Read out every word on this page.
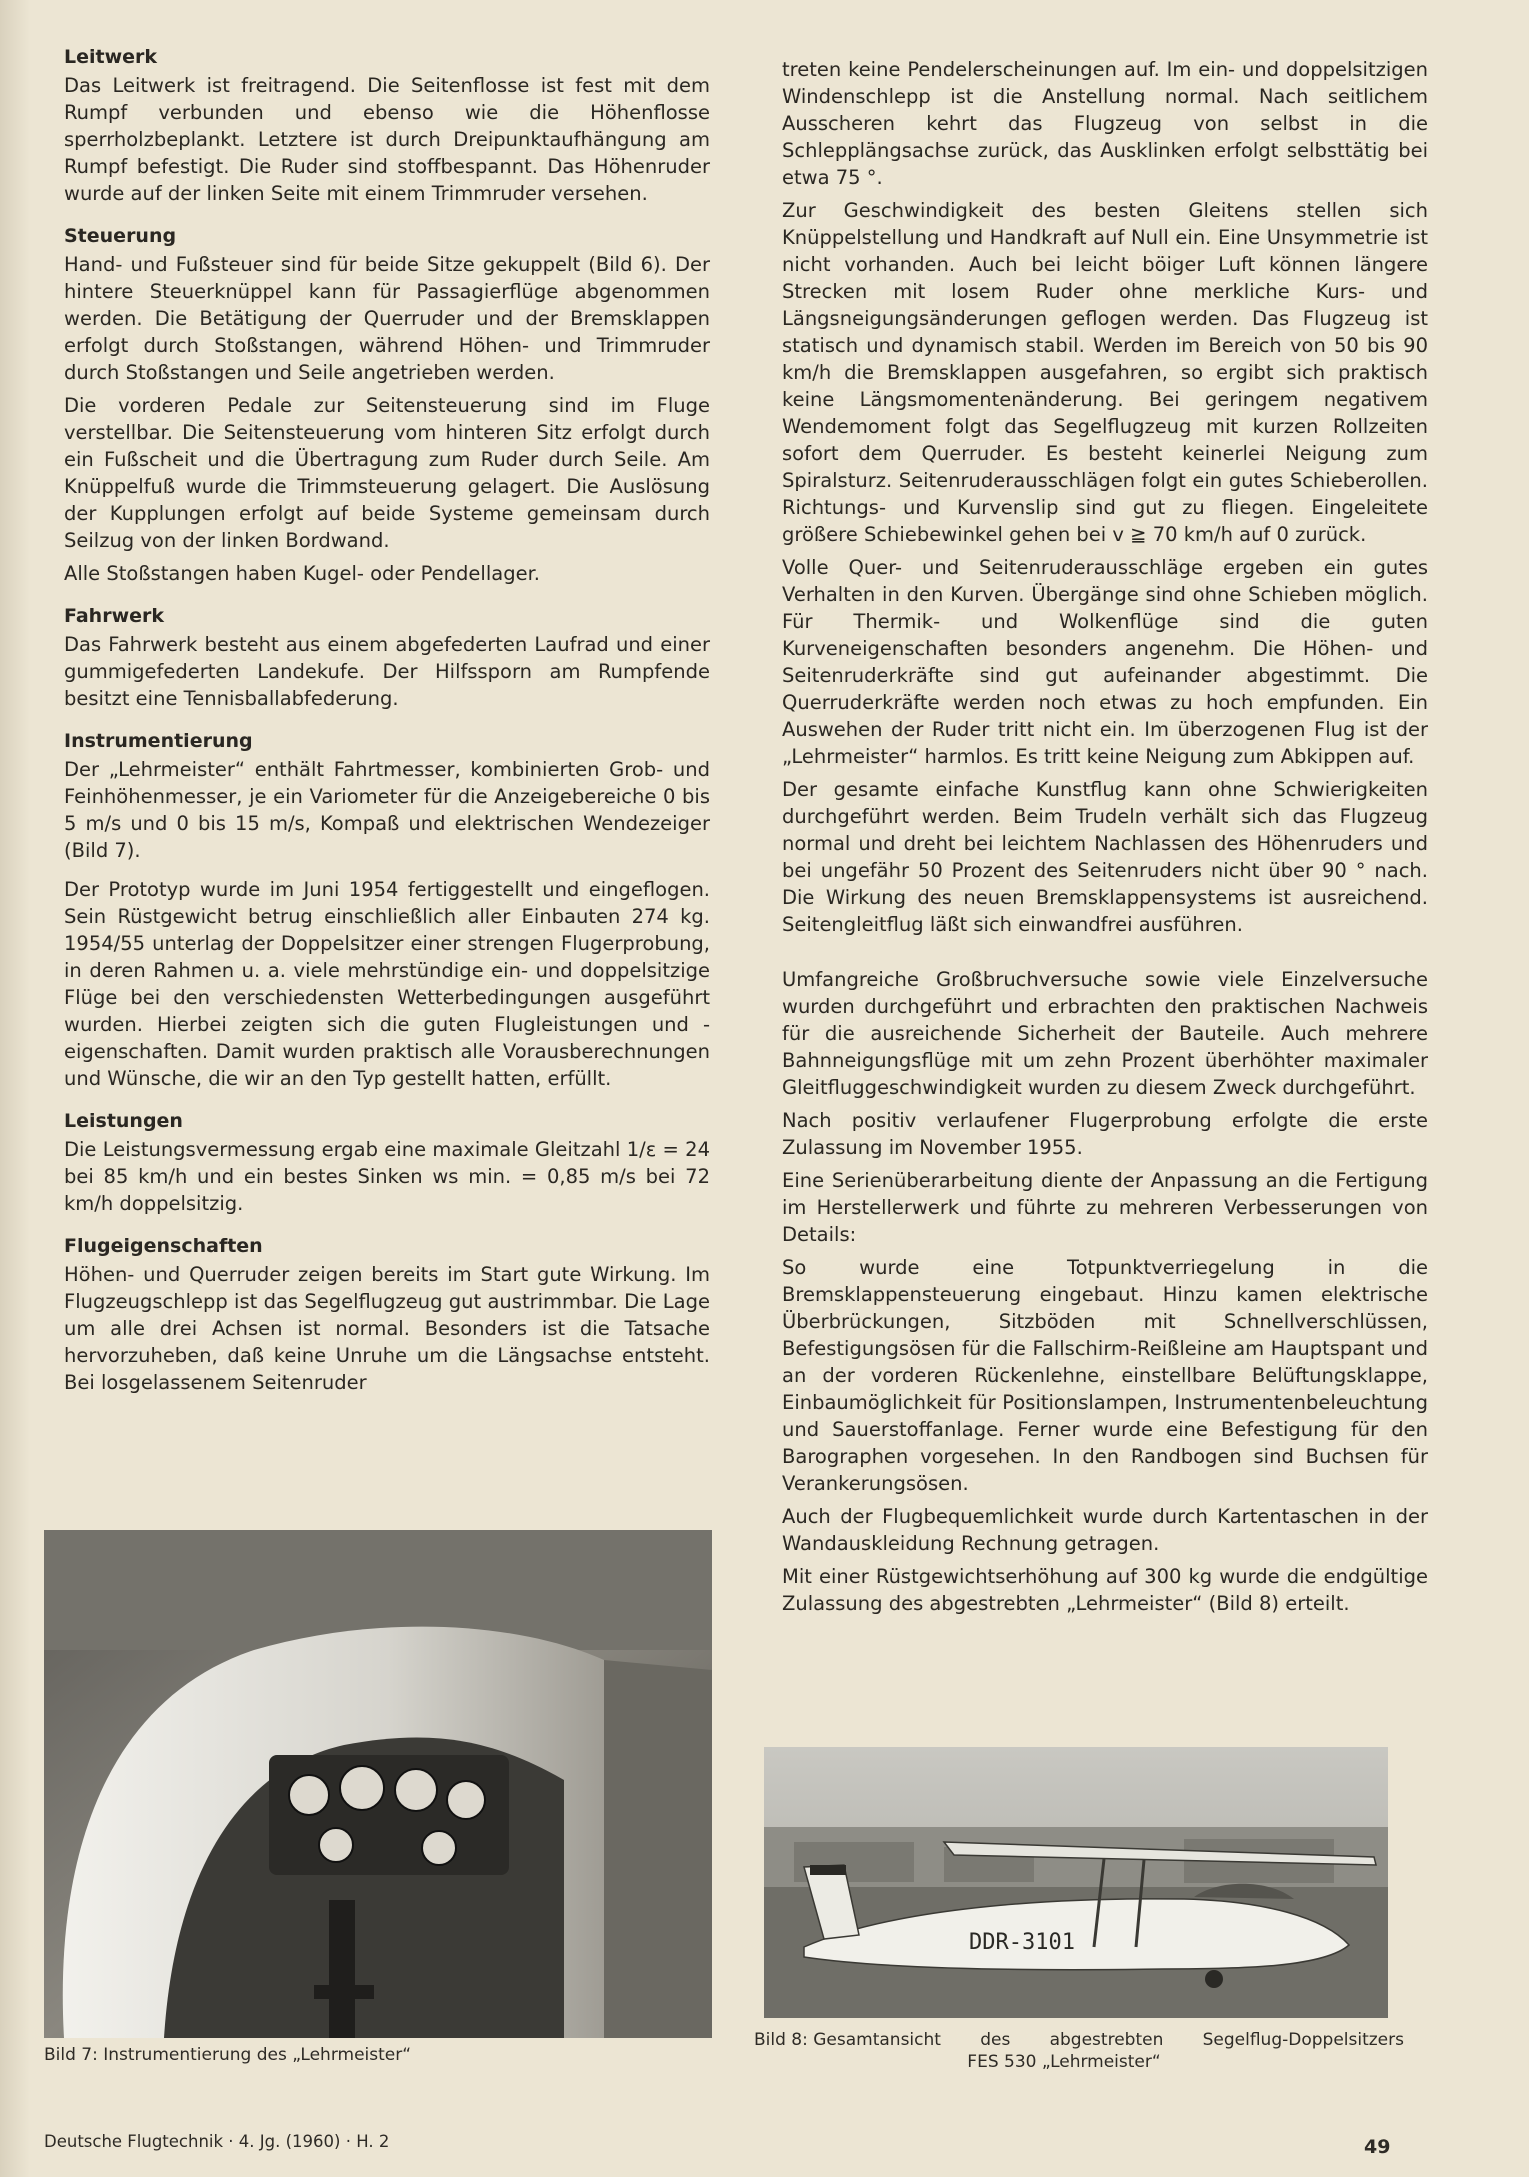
Leitwerk

Das Leitwerk ist freitragend. Die Seitenflosse ist fest mit dem Rumpf verbunden und ebenso wie die Höhenflosse sperrholzbeplankt. Letztere ist durch Dreipunktaufhängung am Rumpf befestigt. Die Ruder sind stoffbespannt. Das Höhenruder wurde auf der linken Seite mit einem Trimmruder versehen.

Steuerung

Hand- und Fußsteuer sind für beide Sitze gekuppelt (Bild 6). Der hintere Steuerknüppel kann für Passagierflüge abgenommen werden. Die Betätigung der Querruder und der Bremsklappen erfolgt durch Stoßstangen, während Höhen- und Trimmruder durch Stoßstangen und Seile angetrieben werden.

Die vorderen Pedale zur Seitensteuerung sind im Fluge verstellbar. Die Seitensteuerung vom hinteren Sitz erfolgt durch ein Fußscheit und die Übertragung zum Ruder durch Seile. Am Knüppelfuß wurde die Trimmsteuerung gelagert. Die Auslösung der Kupplungen erfolgt auf beide Systeme gemeinsam durch Seilzug von der linken Bordwand.

Alle Stoßstangen haben Kugel- oder Pendellager.

Fahrwerk

Das Fahrwerk besteht aus einem abgefederten Laufrad und einer gummigefederten Landekufe. Der Hilfssporn am Rumpfende besitzt eine Tennisballabfederung.

Instrumentierung

Der „Lehrmeister“ enthält Fahrtmesser, kombinierten Grob- und Feinhöhenmesser, je ein Variometer für die Anzeigebereiche 0 bis 5 m/s und 0 bis 15 m/s, Kompaß und elektrischen Wendezeiger (Bild 7).

Der Prototyp wurde im Juni 1954 fertiggestellt und eingeflogen. Sein Rüstgewicht betrug einschließlich aller Einbauten 274 kg. 1954/55 unterlag der Doppelsitzer einer strengen Flugerprobung, in deren Rahmen u. a. viele mehrstündige ein- und doppelsitzige Flüge bei den verschiedensten Wetterbedingungen ausgeführt wurden. Hierbei zeigten sich die guten Flugleistungen und -eigenschaften. Damit wurden praktisch alle Vorausberechnungen und Wünsche, die wir an den Typ gestellt hatten, erfüllt.

Leistungen

Die Leistungsvermessung ergab eine maximale Gleitzahl 1/ε = 24 bei 85 km/h und ein bestes Sinken ws min. = 0,85 m/s bei 72 km/h doppelsitzig.

Flugeigenschaften

Höhen- und Querruder zeigen bereits im Start gute Wirkung. Im Flugzeugschlepp ist das Segelflugzeug gut austrimmbar. Die Lage um alle drei Achsen ist normal. Besonders ist die Tatsache hervorzuheben, daß keine Unruhe um die Längsachse entsteht. Bei losgelassenem Seitenruder

treten keine Pendelerscheinungen auf. Im ein- und doppelsitzigen Windenschlepp ist die Anstellung normal. Nach seitlichem Ausscheren kehrt das Flugzeug von selbst in die Schlepplängsachse zurück, das Ausklinken erfolgt selbsttätig bei etwa 75 °.

Zur Geschwindigkeit des besten Gleitens stellen sich Knüppelstellung und Handkraft auf Null ein. Eine Unsymmetrie ist nicht vorhanden. Auch bei leicht böiger Luft können längere Strecken mit losem Ruder ohne merkliche Kurs- und Längsneigungsänderungen geflogen werden. Das Flugzeug ist statisch und dynamisch stabil. Werden im Bereich von 50 bis 90 km/h die Bremsklappen ausgefahren, so ergibt sich praktisch keine Längsmomentenänderung. Bei geringem negativem Wendemoment folgt das Segelflugzeug mit kurzen Rollzeiten sofort dem Querruder. Es besteht keinerlei Neigung zum Spiralsturz. Seitenruderausschlägen folgt ein gutes Schieberollen. Richtungs- und Kurvenslip sind gut zu fliegen. Eingeleitete größere Schiebewinkel gehen bei v ≧ 70 km/h auf 0 zurück.

Volle Quer- und Seitenruderausschläge ergeben ein gutes Verhalten in den Kurven. Übergänge sind ohne Schieben möglich. Für Thermik- und Wolkenflüge sind die guten Kurveneigenschaften besonders angenehm. Die Höhen- und Seitenruderkräfte sind gut aufeinander abgestimmt. Die Querruderkräfte werden noch etwas zu hoch empfunden. Ein Auswehen der Ruder tritt nicht ein. Im überzogenen Flug ist der „Lehrmeister“ harmlos. Es tritt keine Neigung zum Abkippen auf.

Der gesamte einfache Kunstflug kann ohne Schwierigkeiten durchgeführt werden. Beim Trudeln verhält sich das Flugzeug normal und dreht bei leichtem Nachlassen des Höhenruders und bei ungefähr 50 Prozent des Seitenruders nicht über 90 ° nach. Die Wirkung des neuen Bremsklappensystems ist ausreichend. Seitengleitflug läßt sich einwandfrei ausführen.

Umfangreiche Großbruchversuche sowie viele Einzelversuche wurden durchgeführt und erbrachten den praktischen Nachweis für die ausreichende Sicherheit der Bauteile. Auch mehrere Bahnneigungsflüge mit um zehn Prozent überhöhter maximaler Gleitfluggeschwindigkeit wurden zu diesem Zweck durchgeführt.

Nach positiv verlaufener Flugerprobung erfolgte die erste Zulassung im November 1955.

Eine Serienüberarbeitung diente der Anpassung an die Fertigung im Herstellerwerk und führte zu mehreren Verbesserungen von Details:

So wurde eine Totpunktverriegelung in die Bremsklappensteuerung eingebaut. Hinzu kamen elektrische Überbrückungen, Sitzböden mit Schnellverschlüssen, Befestigungsösen für die Fallschirm-Reißleine am Hauptspant und an der vorderen Rückenlehne, einstellbare Belüftungsklappe, Einbaumöglichkeit für Positionslampen, Instrumentenbeleuchtung und Sauerstoffanlage. Ferner wurde eine Befestigung für den Barographen vorgesehen. In den Randbogen sind Buchsen für Verankerungsösen.

Auch der Flugbequemlichkeit wurde durch Kartentaschen in der Wandauskleidung Rechnung getragen.

Mit einer Rüstgewichtserhöhung auf 300 kg wurde die endgültige Zulassung des abgestrebten „Lehrmeister“ (Bild 8) erteilt.

DDR-3101
Bild 7: Instrumentierung des „Lehrmeister“
Bild 8: Gesamtansicht des abgestrebten Segelflug-Doppelsitzers
FES 530 „Lehrmeister“
Deutsche Flugtechnik · 4. Jg. (1960) · H. 2	49
